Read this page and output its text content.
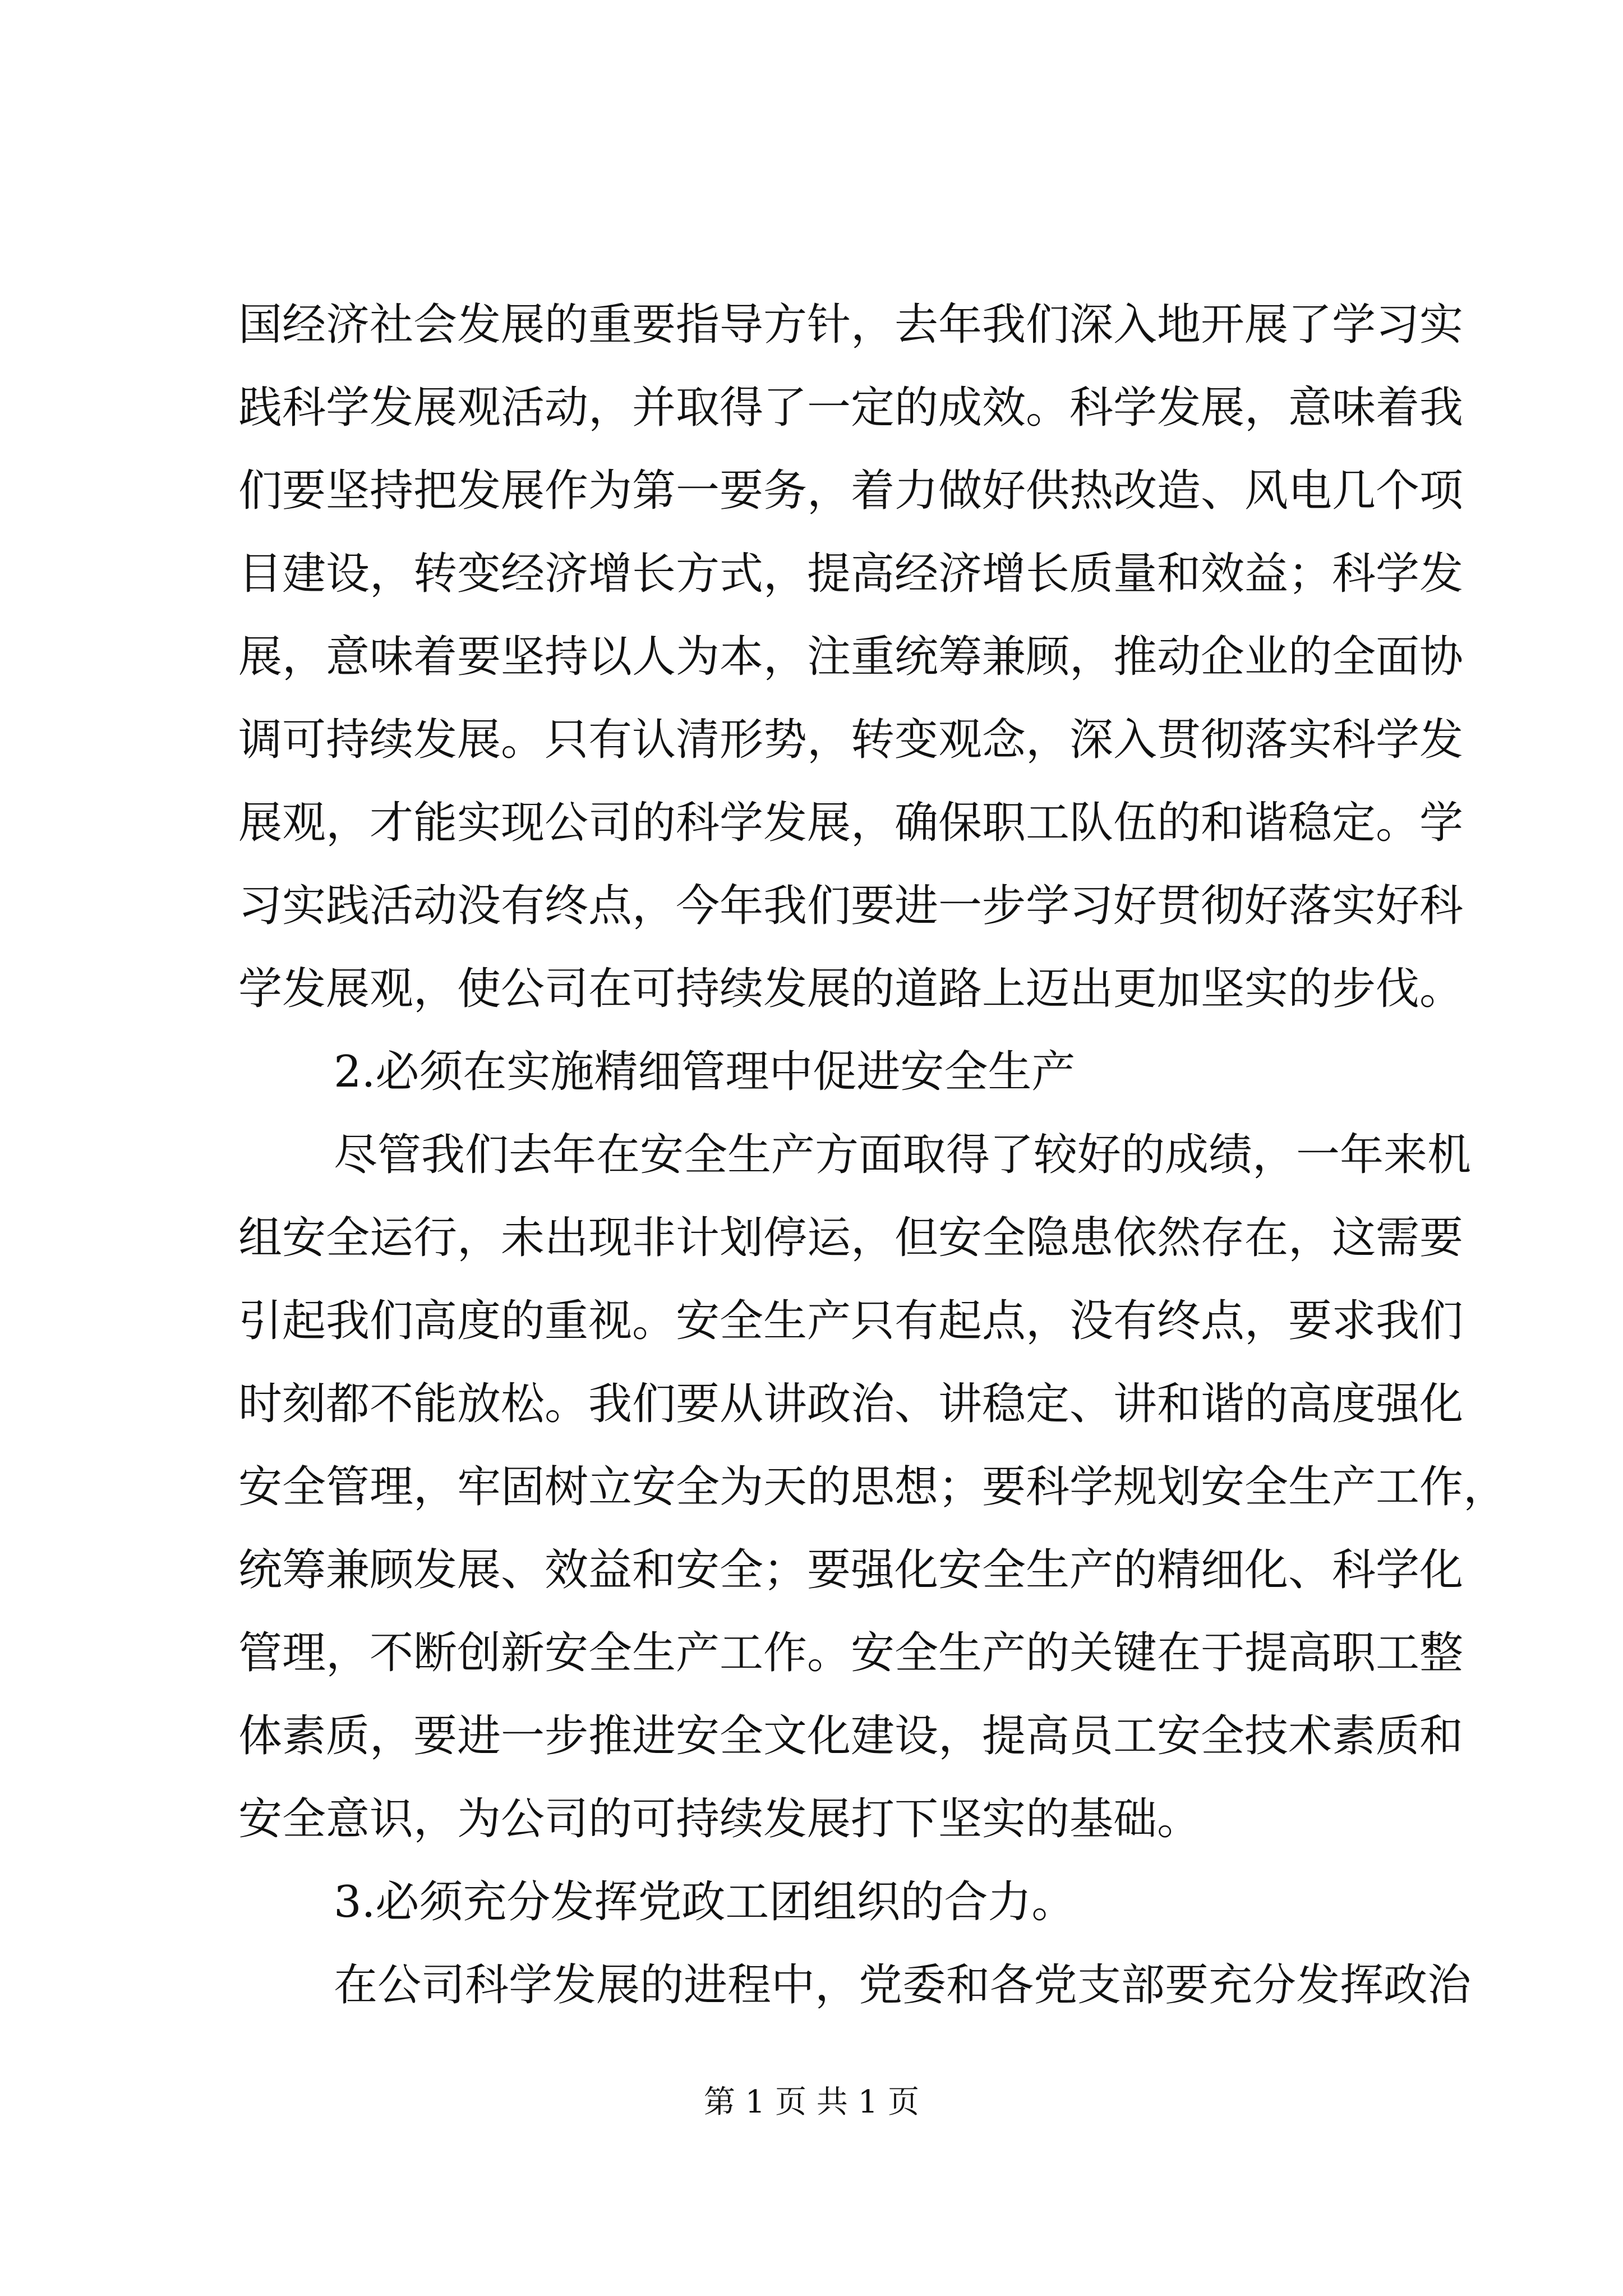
国经济社会发展的重要指导方针，去年我们深入地开展了学习实
践科学发展观活动，并取得了一定的成效。科学发展，意味着我
们要坚持把发展作为第一要务，着力做好供热改造、风电几个项
目建设，转变经济增长方式，提高经济增长质量和效益；科学发
展，意味着要坚持以人为本，注重统筹兼顾，推动企业的全面协
调可持续发展。只有认清形势，转变观念，深入贯彻落实科学发
展观，才能实现公司的科学发展，确保职工队伍的和谐稳定。学
习实践活动没有终点，今年我们要进一步学习好贯彻好落实好科
学发展观，使公司在可持续发展的道路上迈出更加坚实的步伐。
2.必须在实施精细管理中促进安全生产
尽管我们去年在安全生产方面取得了较好的成绩，一年来机
组安全运行，未出现非计划停运，但安全隐患依然存在，这需要
引起我们高度的重视。安全生产只有起点，没有终点，要求我们
时刻都不能放松。我们要从讲政治、讲稳定、讲和谐的高度强化
安全管理，牢固树立安全为天的思想；要科学规划安全生产工作，
统筹兼顾发展、效益和安全；要强化安全生产的精细化、科学化
管理，不断创新安全生产工作。安全生产的关键在于提高职工整
体素质，要进一步推进安全文化建设，提高员工安全技术素质和
安全意识，为公司的可持续发展打下坚实的基础。
3.必须充分发挥党政工团组织的合力。
在公司科学发展的进程中，党委和各党支部要充分发挥政治
第 1 页 共 1 页
